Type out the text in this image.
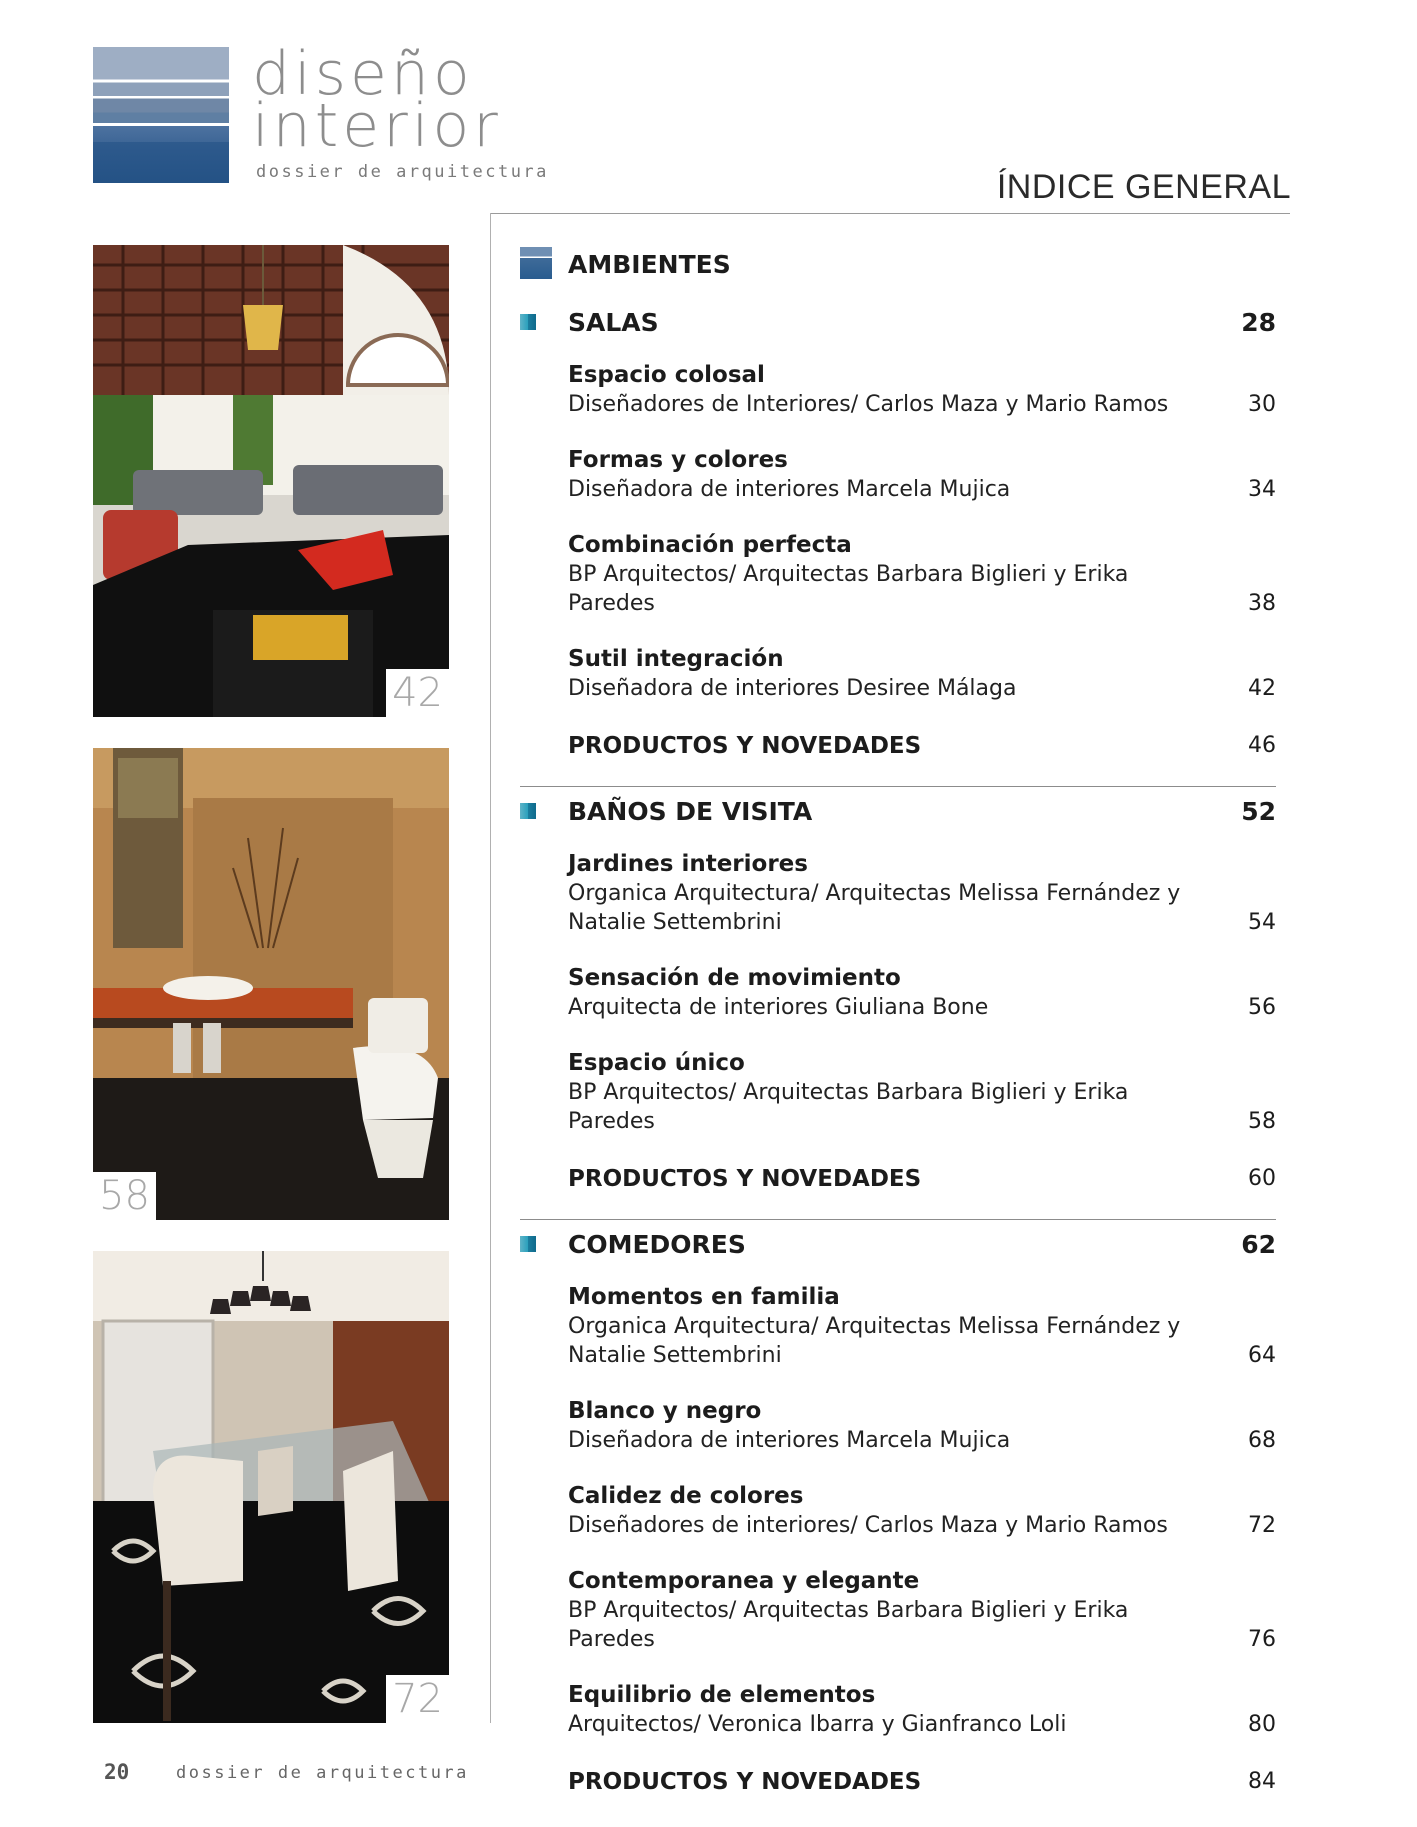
diseño
interior
dossier de arquitectura	ÍNDICE GENERAL
42
58
72
AMBIENTES
SALAS	28
Espacio colosal
Diseñadores de Interiores/ Carlos Maza y Mario Ramos	30
Formas y colores
Diseñadora de interiores Marcela Mujica	34
Combinación perfecta
BP Arquitectos/ Arquitectas Barbara Biglieri y Erika Paredes	38
Sutil integración
Diseñadora de interiores Desiree Málaga	42
PRODUCTOS Y NOVEDADES	46
BAÑOS DE VISITA	52
Jardines interiores
Organica Arquitectura/ Arquitectas Melissa Fernández y Natalie Settembrini	54
Sensación de movimiento
Arquitecta de interiores Giuliana Bone	56
Espacio único
BP Arquitectos/ Arquitectas Barbara Biglieri y Erika Paredes	58
PRODUCTOS Y NOVEDADES	60
COMEDORES	62
Momentos en familia
Organica Arquitectura/ Arquitectas Melissa Fernández y Natalie Settembrini	64
Blanco y negro
Diseñadora de interiores Marcela Mujica	68
Calidez de colores
Diseñadores de interiores/ Carlos Maza y Mario Ramos	72
Contemporanea y elegante
BP Arquitectos/ Arquitectas Barbara Biglieri y Erika Paredes	76
Equilibrio de elementos
Arquitectos/ Veronica Ibarra y Gianfranco Loli	80
PRODUCTOS Y NOVEDADES	84
20	dossier de arquitectura
